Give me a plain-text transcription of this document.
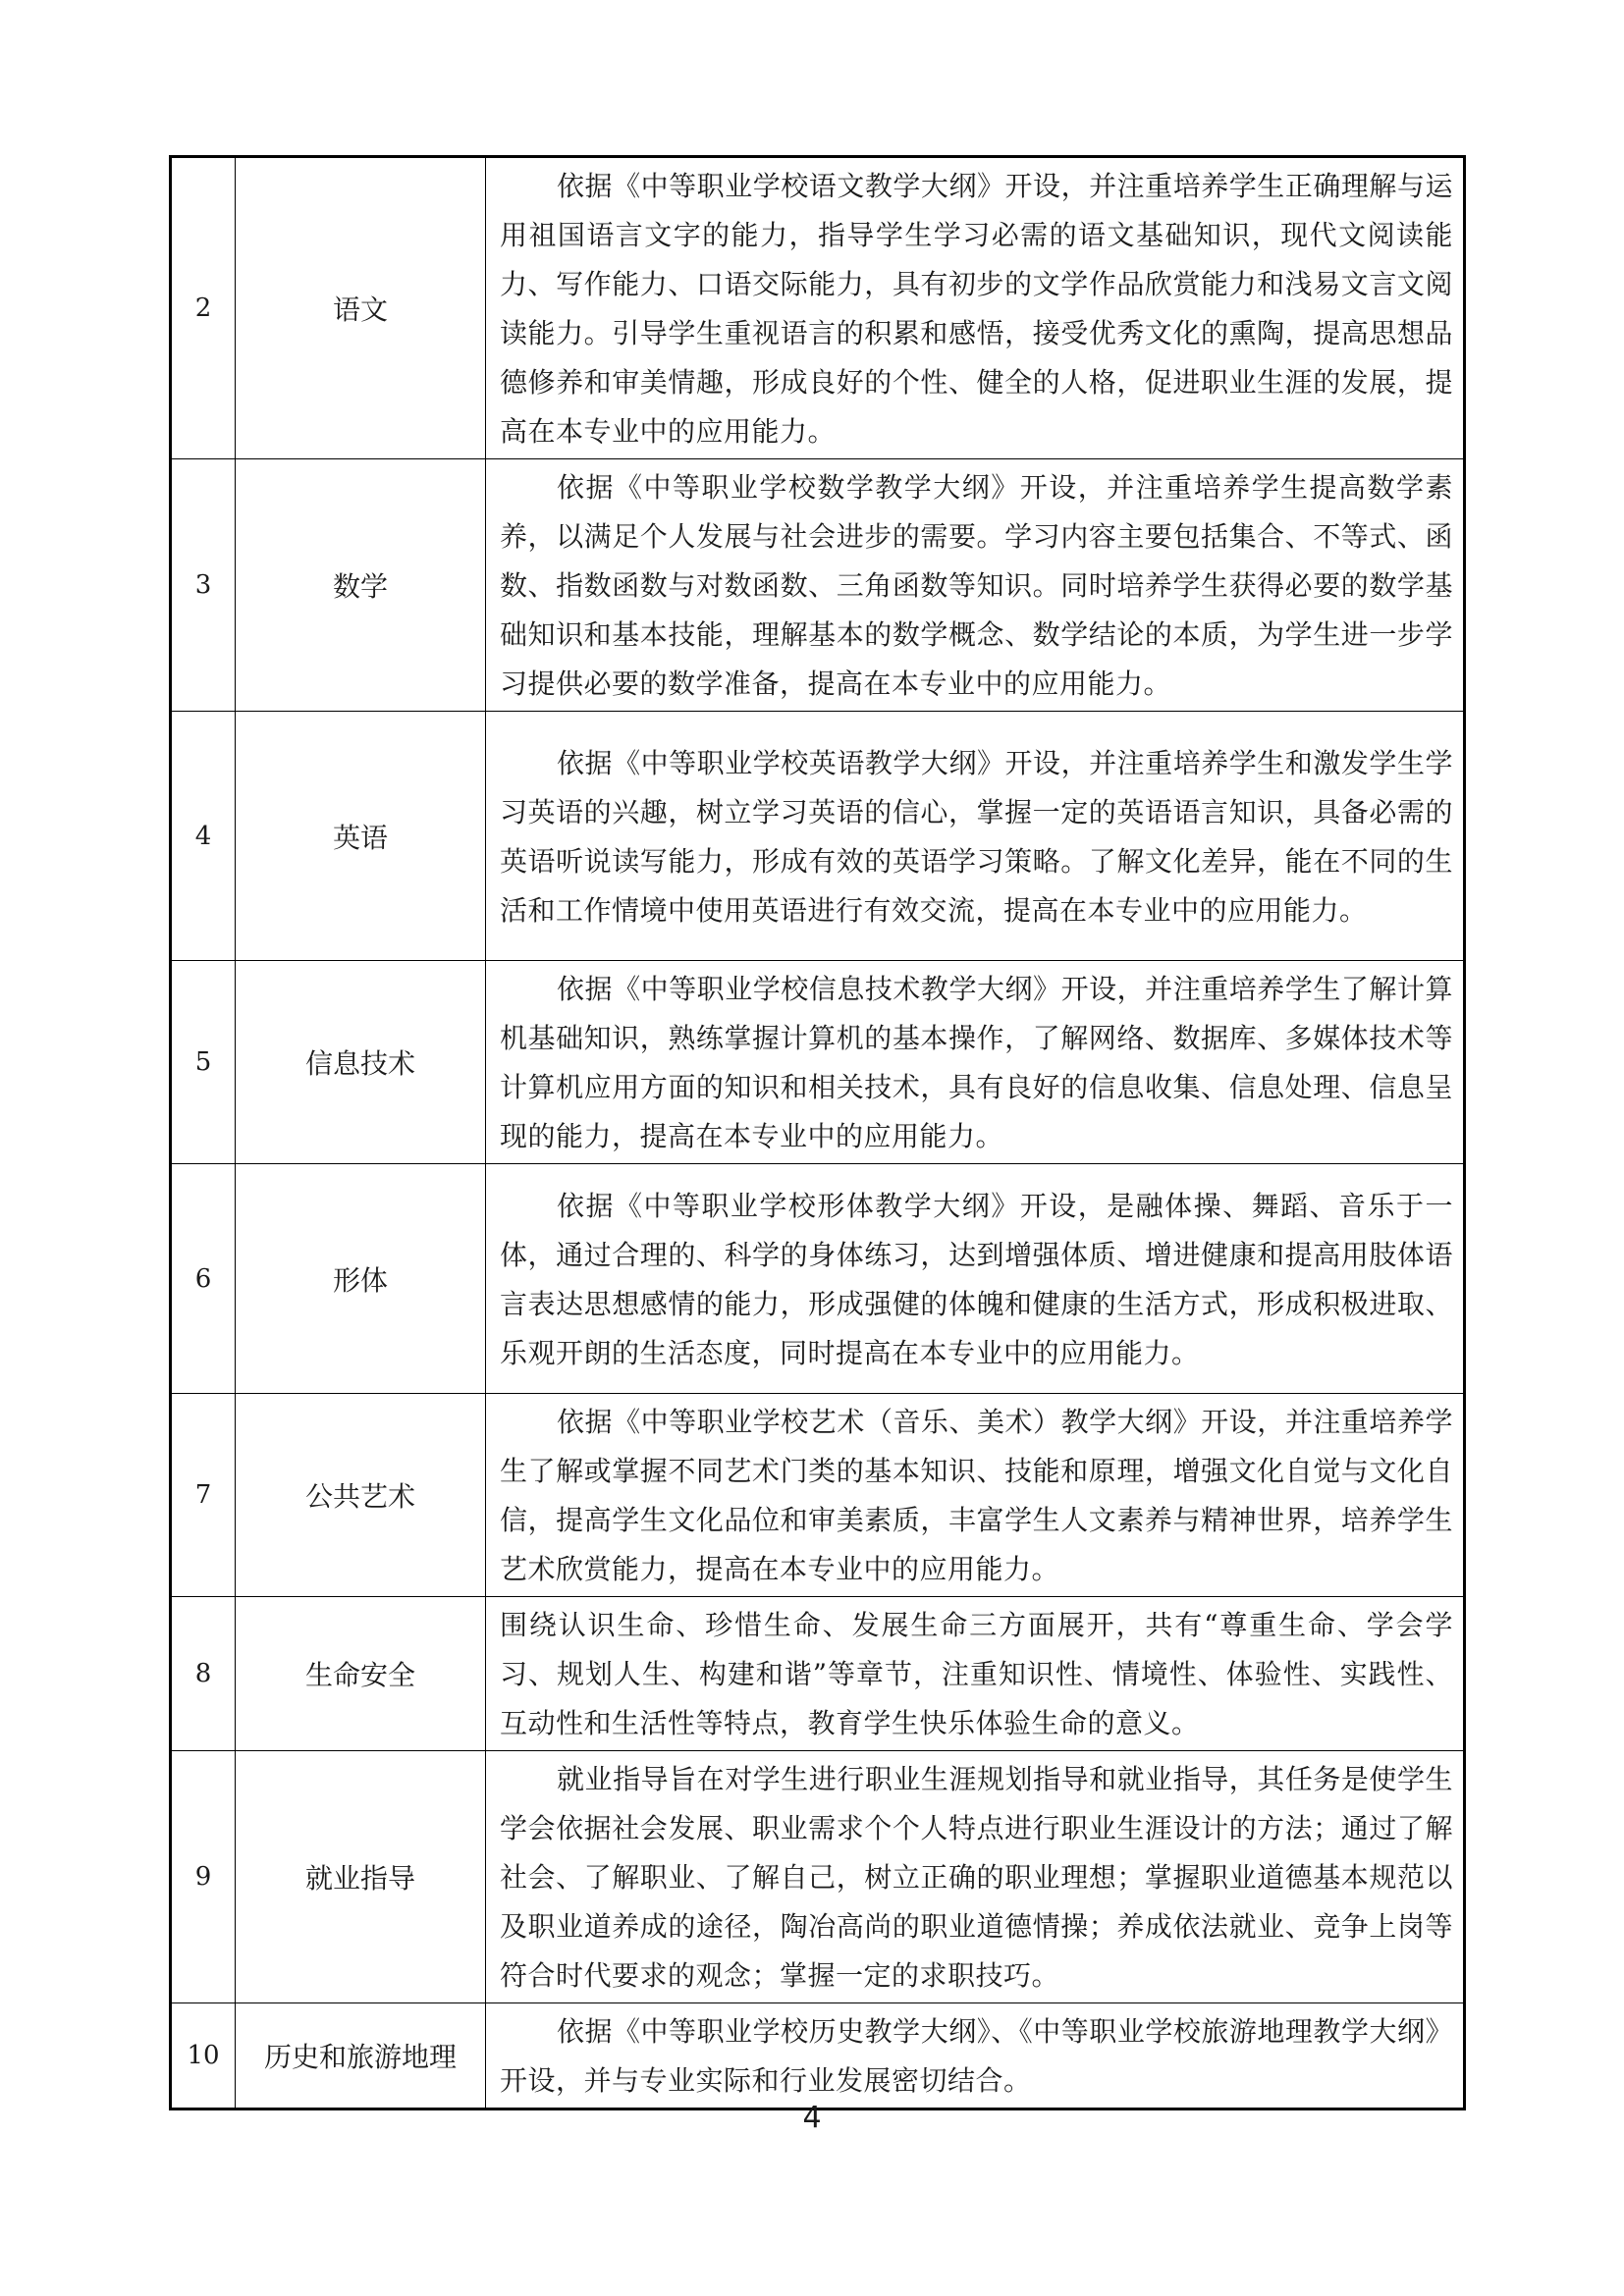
2	语文	依据《中等职业学校语文教学大纲》开设，并注重培养学生正确理解与运用祖国语言文字的能力，指导学生学习必需的语文基础知识，现代文阅读能力、写作能力、口语交际能力，具有初步的文学作品欣赏能力和浅易文言文阅读能力。引导学生重视语言的积累和感悟，接受优秀文化的熏陶，提高思想品德修养和审美情趣，形成良好的个性、健全的人格，促进职业生涯的发展，提高在本专业中的应用能力。
3	数学	依据《中等职业学校数学教学大纲》开设，并注重培养学生提高数学素养，以满足个人发展与社会进步的需要。学习内容主要包括集合、不等式、函数、指数函数与对数函数、三角函数等知识。同时培养学生获得必要的数学基础知识和基本技能，理解基本的数学概念、数学结论的本质，为学生进一步学习提供必要的数学准备，提高在本专业中的应用能力。
4	英语	依据《中等职业学校英语教学大纲》开设，并注重培养学生和激发学生学习英语的兴趣，树立学习英语的信心，掌握一定的英语语言知识，具备必需的英语听说读写能力，形成有效的英语学习策略。了解文化差异，能在不同的生活和工作情境中使用英语进行有效交流，提高在本专业中的应用能力。
5	信息技术	依据《中等职业学校信息技术教学大纲》开设，并注重培养学生了解计算机基础知识，熟练掌握计算机的基本操作，了解网络、数据库、多媒体技术等计算机应用方面的知识和相关技术，具有良好的信息收集、信息处理、信息呈现的能力，提高在本专业中的应用能力。
6	形体	依据《中等职业学校形体教学大纲》开设，是融体操、舞蹈、音乐于一体，通过合理的、科学的身体练习，达到增强体质、增进健康和提高用肢体语言表达思想感情的能力，形成强健的体魄和健康的生活方式，形成积极进取、乐观开朗的生活态度，同时提高在本专业中的应用能力。
7	公共艺术	依据《中等职业学校艺术（音乐、美术）教学大纲》开设，并注重培养学生了解或掌握不同艺术门类的基本知识、技能和原理，增强文化自觉与文化自信，提高学生文化品位和审美素质，丰富学生人文素养与精神世界，培养学生艺术欣赏能力，提高在本专业中的应用能力。
8	生命安全	围绕认识生命、珍惜生命、发展生命三方面展开，共有“尊重生命、学会学习、规划人生、构建和谐”等章节，注重知识性、情境性、体验性、实践性、互动性和生活性等特点，教育学生快乐体验生命的意义。
9	就业指导	就业指导旨在对学生进行职业生涯规划指导和就业指导，其任务是使学生学会依据社会发展、职业需求个个人特点进行职业生涯设计的方法；通过了解社会、了解职业、了解自己，树立正确的职业理想；掌握职业道德基本规范以及职业道养成的途径，陶冶高尚的职业道德情操；养成依法就业、竞争上岗等符合时代要求的观念；掌握一定的求职技巧。
10	历史和旅游地理	依据《中等职业学校历史教学大纲》、《中等职业学校旅游地理教学大纲》开设，并与专业实际和行业发展密切结合。
4
